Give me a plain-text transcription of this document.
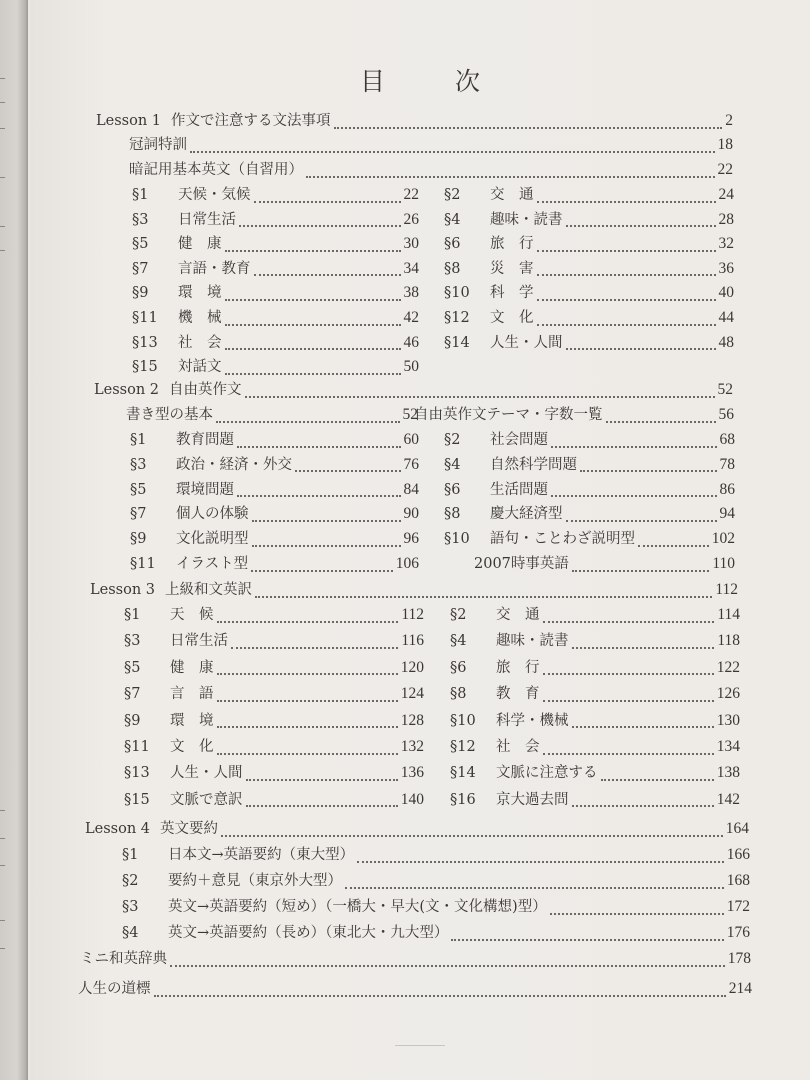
目	次
Lesson 1 作文で注意する文法事項	2
冠詞特訓	18
暗記用基本英文（自習用）	22
§1 天候・気候	22 §2 交　通	24
§3 日常生活	26 §4 趣味・読書	28
§5 健　康	30 §6 旅　行	32
§7 言語・教育	34 §8 災　害	36
§9 環　境	38 §10 科　学	40
§11 機　械	42 §12 文　化	44
§13 社　会	46 §14 人生・人間	48
§15 対話文	50
Lesson 2 自由英作文	52
書き型の基本	52
自由英作文テーマ・字数一覧	56
§1 教育問題	60 §2 社会問題	68
§3 政治・経済・外交	76 §4 自然科学問題	78
§5 環境問題	84 §6 生活問題	86
§7 個人の体験	90 §8 慶大経済型	94
§9 文化説明型	96 §10 語句・ことわざ説明型	102
§11 イラスト型	106	2007時事英語	110
Lesson 3 上級和文英訳	112
§1 天　候	112 §2 交　通	114
§3 日常生活	116 §4 趣味・読書	118
§5 健　康	120 §6 旅　行	122
§7 言　語	124 §8 教　育	126
§9 環　境	128 §10 科学・機械	130
§11 文　化	132 §12 社　会	134
§13 人生・人間	136 §14 文脈に注意する	138
§15 文脈で意訳	140 §16 京大過去問	142
Lesson 4 英文要約	164
§1 日本文→英語要約（東大型）	166
§2 要約＋意見（東京外大型）	168
§3 英文→英語要約（短め）（一橋大・早大(文・文化構想)型）	172
§4 英文→英語要約（長め）（東北大・九大型）	176
ミニ和英辞典	178
人生の道標	214
